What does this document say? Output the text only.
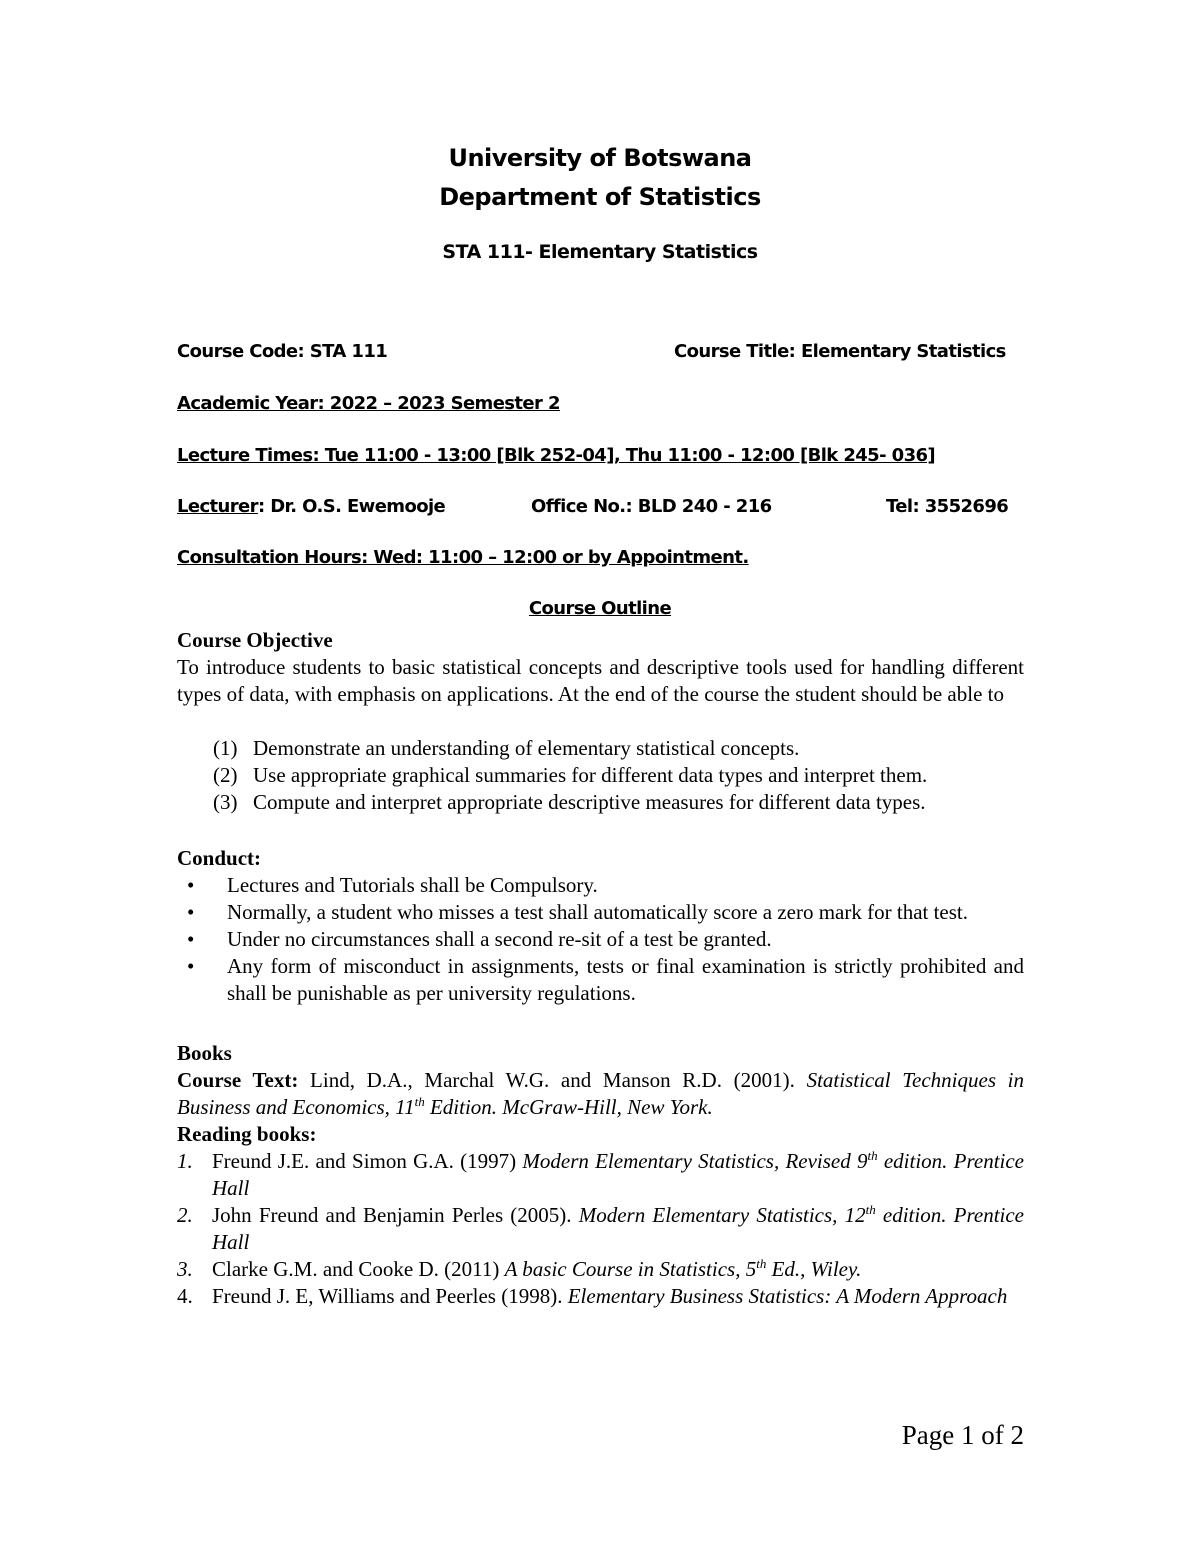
University of Botswana
Department of Statistics
STA 111- Elementary Statistics
Course Code: STA 111	Course Title: Elementary Statistics
Academic Year: 2022 – 2023 Semester 2
Lecture Times: Tue 11:00 - 13:00 [Blk 252-04], Thu 11:00 - 12:00 [Blk 245- 036]
Lecturer: Dr. O.S. Ewemooje	Office No.: BLD 240 - 216	Tel: 3552696
Consultation Hours: Wed: 11:00 – 12:00 or by Appointment.
Course Outline
Course Objective
To introduce students to basic statistical concepts and descriptive tools used for handling different types of data, with emphasis on applications. At the end of the course the student should be able to
(1) Demonstrate an understanding of elementary statistical concepts.
(2) Use appropriate graphical summaries for different data types and interpret them.
(3) Compute and interpret appropriate descriptive measures for different data types.
Conduct:
• Lectures and Tutorials shall be Compulsory.
• Normally, a student who misses a test shall automatically score a zero mark for that test.
• Under no circumstances shall a second re-sit of a test be granted.
• Any form of misconduct in assignments, tests or final examination is strictly prohibited and shall be punishable as per university regulations.
Books
Course Text: Lind, D.A., Marchal W.G. and Manson R.D. (2001). Statistical Techniques in Business and Economics, 11th Edition. McGraw-Hill, New York.
Reading books:
1. Freund J.E. and Simon G.A. (1997) Modern Elementary Statistics, Revised 9th edition. Prentice Hall
2. John Freund and Benjamin Perles (2005). Modern Elementary Statistics, 12th edition. Prentice Hall
3. Clarke G.M. and Cooke D. (2011) A basic Course in Statistics, 5th Ed., Wiley.
4. Freund J. E, Williams and Peerles (1998). Elementary Business Statistics: A Modern Approach
Page 1 of 2
